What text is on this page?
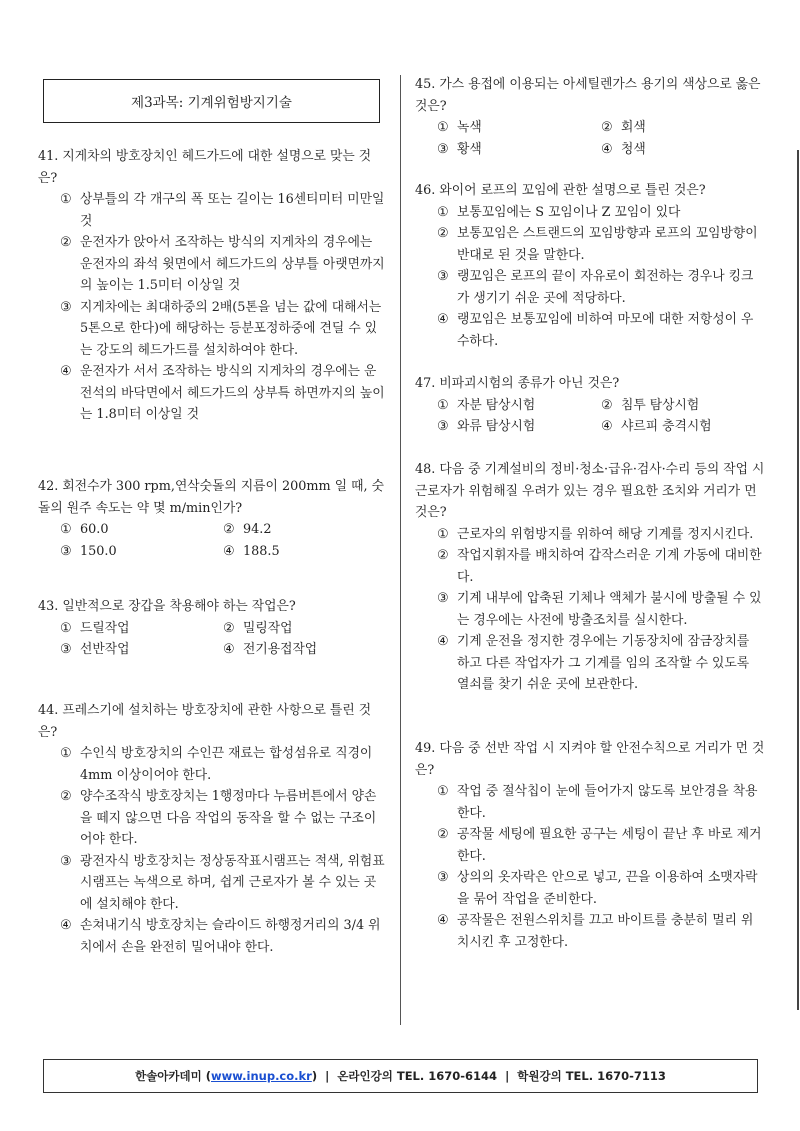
제3과목: 기계위험방지기술
41. 지게차의 방호장치인 헤드가드에 대한 설명으로 맞는 것은?
① 상부틀의 각 개구의 폭 또는 길이는 16센티미터 미만일 것
② 운전자가 앉아서 조작하는 방식의 지게차의 경우에는 운전자의 좌석 윗면에서 헤드가드의 상부틀 아랫면까지의 높이는 1.5미터 이상일 것
③ 지게차에는 최대하중의 2배(5톤을 넘는 값에 대해서는 5톤으로 한다)에 해당하는 등분포정하중에 견딜 수 있는 강도의 헤드가드를 설치하여야 한다.
④ 운전자가 서서 조작하는 방식의 지게차의 경우에는 운전석의 바닥면에서 헤드가드의 상부특 하면까지의 높이는 1.8미터 이상일 것
42. 회전수가 300 rpm,연삭숫돌의 지름이 200mm 일 때, 숫돌의 원주 속도는 약 몇 m/min인가?
① 60.0	② 94.2
③ 150.0	④ 188.5
43. 일반적으로 장갑을 착용해야 하는 작업은?
① 드릴작업	② 밀링작업
③ 선반작업	④ 전기용접작업
44. 프레스기에 설치하는 방호장치에 관한 사항으로 틀린 것은?
① 수인식 방호장치의 수인끈 재료는 합성섬유로 직경이 4mm 이상이어야 한다.
② 양수조작식 방호장치는 1행정마다 누름버튼에서 양손을 떼지 않으면 다음 작업의 동작을 할 수 없는 구조이어야 한다.
③ 광전자식 방호장치는 정상동작표시램프는 적색, 위험표시램프는 녹색으로 하며, 쉽게 근로자가 볼 수 있는 곳에 설치해야 한다.
④ 손쳐내기식 방호장치는 슬라이드 하행정거리의 3/4 위치에서 손을 완전히 밀어내야 한다.
45. 가스 용접에 이용되는 아세틸렌가스 용기의 색상으로 옳은 것은?
① 녹색	② 회색
③ 황색	④ 청색
46. 와이어 로프의 꼬임에 관한 설명으로 틀린 것은?
① 보통꼬임에는 S 꼬임이나 Z 꼬임이 있다
② 보통꼬임은 스트랜드의 꼬임방향과 로프의 꼬임방향이 반대로 된 것을 말한다.
③ 랭꼬임은 로프의 끝이 자유로이 회전하는 경우나 킹크가 생기기 쉬운 곳에 적당하다.
④ 랭꼬임은 보통꼬임에 비하여 마모에 대한 저항성이 우수하다.
47. 비파괴시험의 종류가 아닌 것은?
① 자분 탐상시험	② 침투 탐상시험
③ 와류 탐상시험	④ 샤르피 충격시험
48. 다음 중 기계설비의 정비·청소·급유·검사·수리 등의 작업 시 근로자가 위험해질 우려가 있는 경우 필요한 조치와 거리가 먼 것은?
① 근로자의 위험방지를 위하여 해당 기계를 정지시킨다.
② 작업지휘자를 배치하여 갑작스러운 기계 가동에 대비한다.
③ 기계 내부에 압축된 기체나 액체가 불시에 방출될 수 있는 경우에는 사전에 방출조치를 실시한다.
④ 기계 운전을 정지한 경우에는 기동장치에 잠금장치를 하고 다른 작업자가 그 기계를 임의 조작할 수 있도록 열쇠를 찾기 쉬운 곳에 보관한다.
49. 다음 중 선반 작업 시 지켜야 할 안전수칙으로 거리가 먼 것은?
① 작업 중 절삭칩이 눈에 들어가지 않도록 보안경을 착용한다.
② 공작물 세팅에 필요한 공구는 세팅이 끝난 후 바로 제거한다.
③ 상의의 옷자락은 안으로 넣고, 끈을 이용하여 소맷자락을 묶어 작업을 준비한다.
④ 공작물은 전원스위치를 끄고 바이트를 충분히 멀리 위치시킨 후 고정한다.
한솔아카데미 ( www.inup.co.kr ) | 온라인강의 TEL. 1670-6144 | 학원강의 TEL. 1670-7113
